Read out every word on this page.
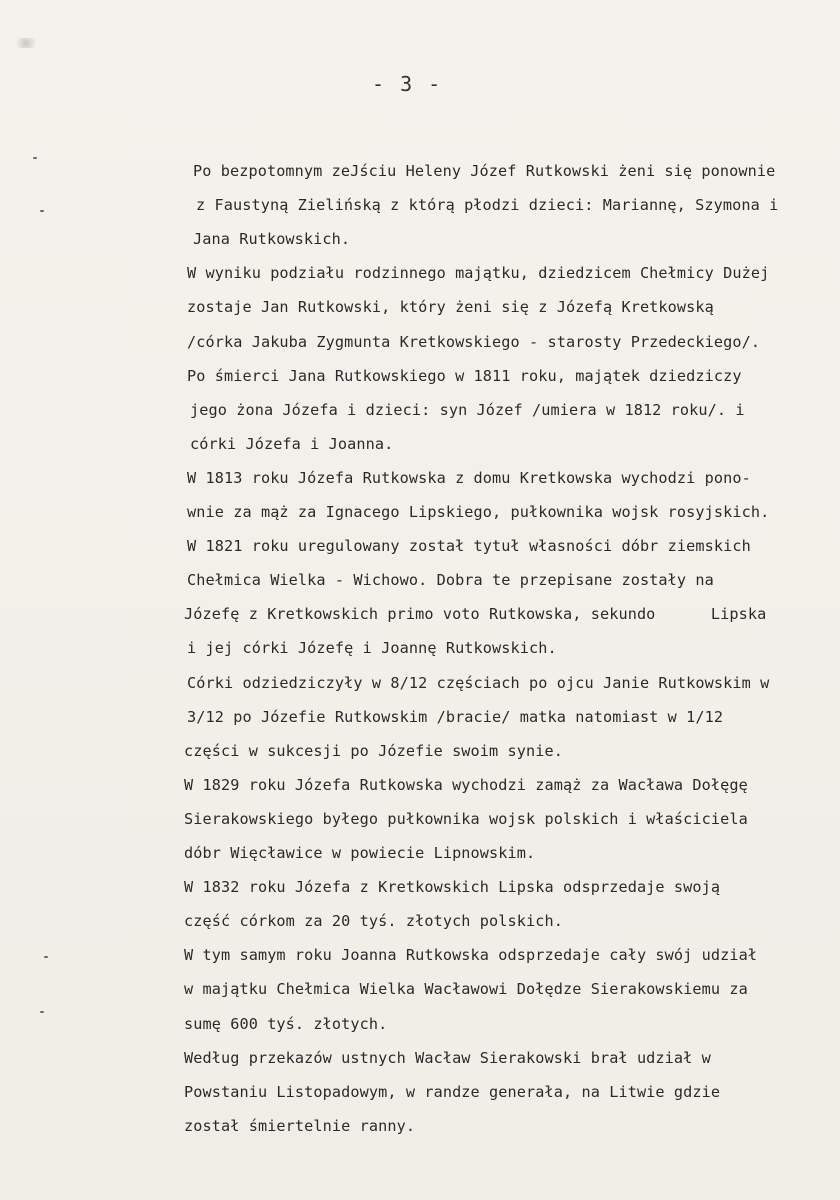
- 3 -
Po bezpotomnym zeJściu Heleny Józef Rutkowski żeni się ponownie
z Faustyną Zielińską z którą płodzi dzieci: Mariannę, Szymona i
Jana Rutkowskich.
W wyniku podziału rodzinnego majątku, dziedzicem Chełmicy Dużej
zostaje Jan Rutkowski, który żeni się z Józefą Kretkowską
/córka Jakuba Zygmunta Kretkowskiego - starosty Przedeckiego/.
Po śmierci Jana Rutkowskiego w 1811 roku, majątek dziedziczy
jego żona Józefa i dzieci: syn Józef /umiera w 1812 roku/. i
córki Józefa i Joanna.
W 1813 roku Józefa Rutkowska z domu Kretkowska wychodzi pono-
wnie za mąż za Ignacego Lipskiego, pułkownika wojsk rosyjskich.
W 1821 roku uregulowany został tytuł własności dóbr ziemskich
Chełmica Wielka - Wichowo. Dobra te przepisane zostały na
Józefę z Kretkowskich primo voto Rutkowska, sekundo      Lipska
i jej córki Józefę i Joannę Rutkowskich.
Córki odziedziczyły w 8/12 częściach po ojcu Janie Rutkowskim w
3/12 po Józefie Rutkowskim /bracie/ matka natomiast w 1/12
części w sukcesji po Józefie swoim synie.
W 1829 roku Józefa Rutkowska wychodzi zamąż za Wacława Dołęgę
Sierakowskiego byłego pułkownika wojsk polskich i właściciela
dóbr Więcławice w powiecie Lipnowskim.
W 1832 roku Józefa z Kretkowskich Lipska odsprzedaje swoją
część córkom za 20 tyś. złotych polskich.
W tym samym roku Joanna Rutkowska odsprzedaje cały swój udział
w majątku Chełmica Wielka Wacławowi Dołędze Sierakowskiemu za
sumę 600 tyś. złotych.
Według przekazów ustnych Wacław Sierakowski brał udział w
Powstaniu Listopadowym, w randze generała, na Litwie gdzie
został śmiertelnie ranny.
